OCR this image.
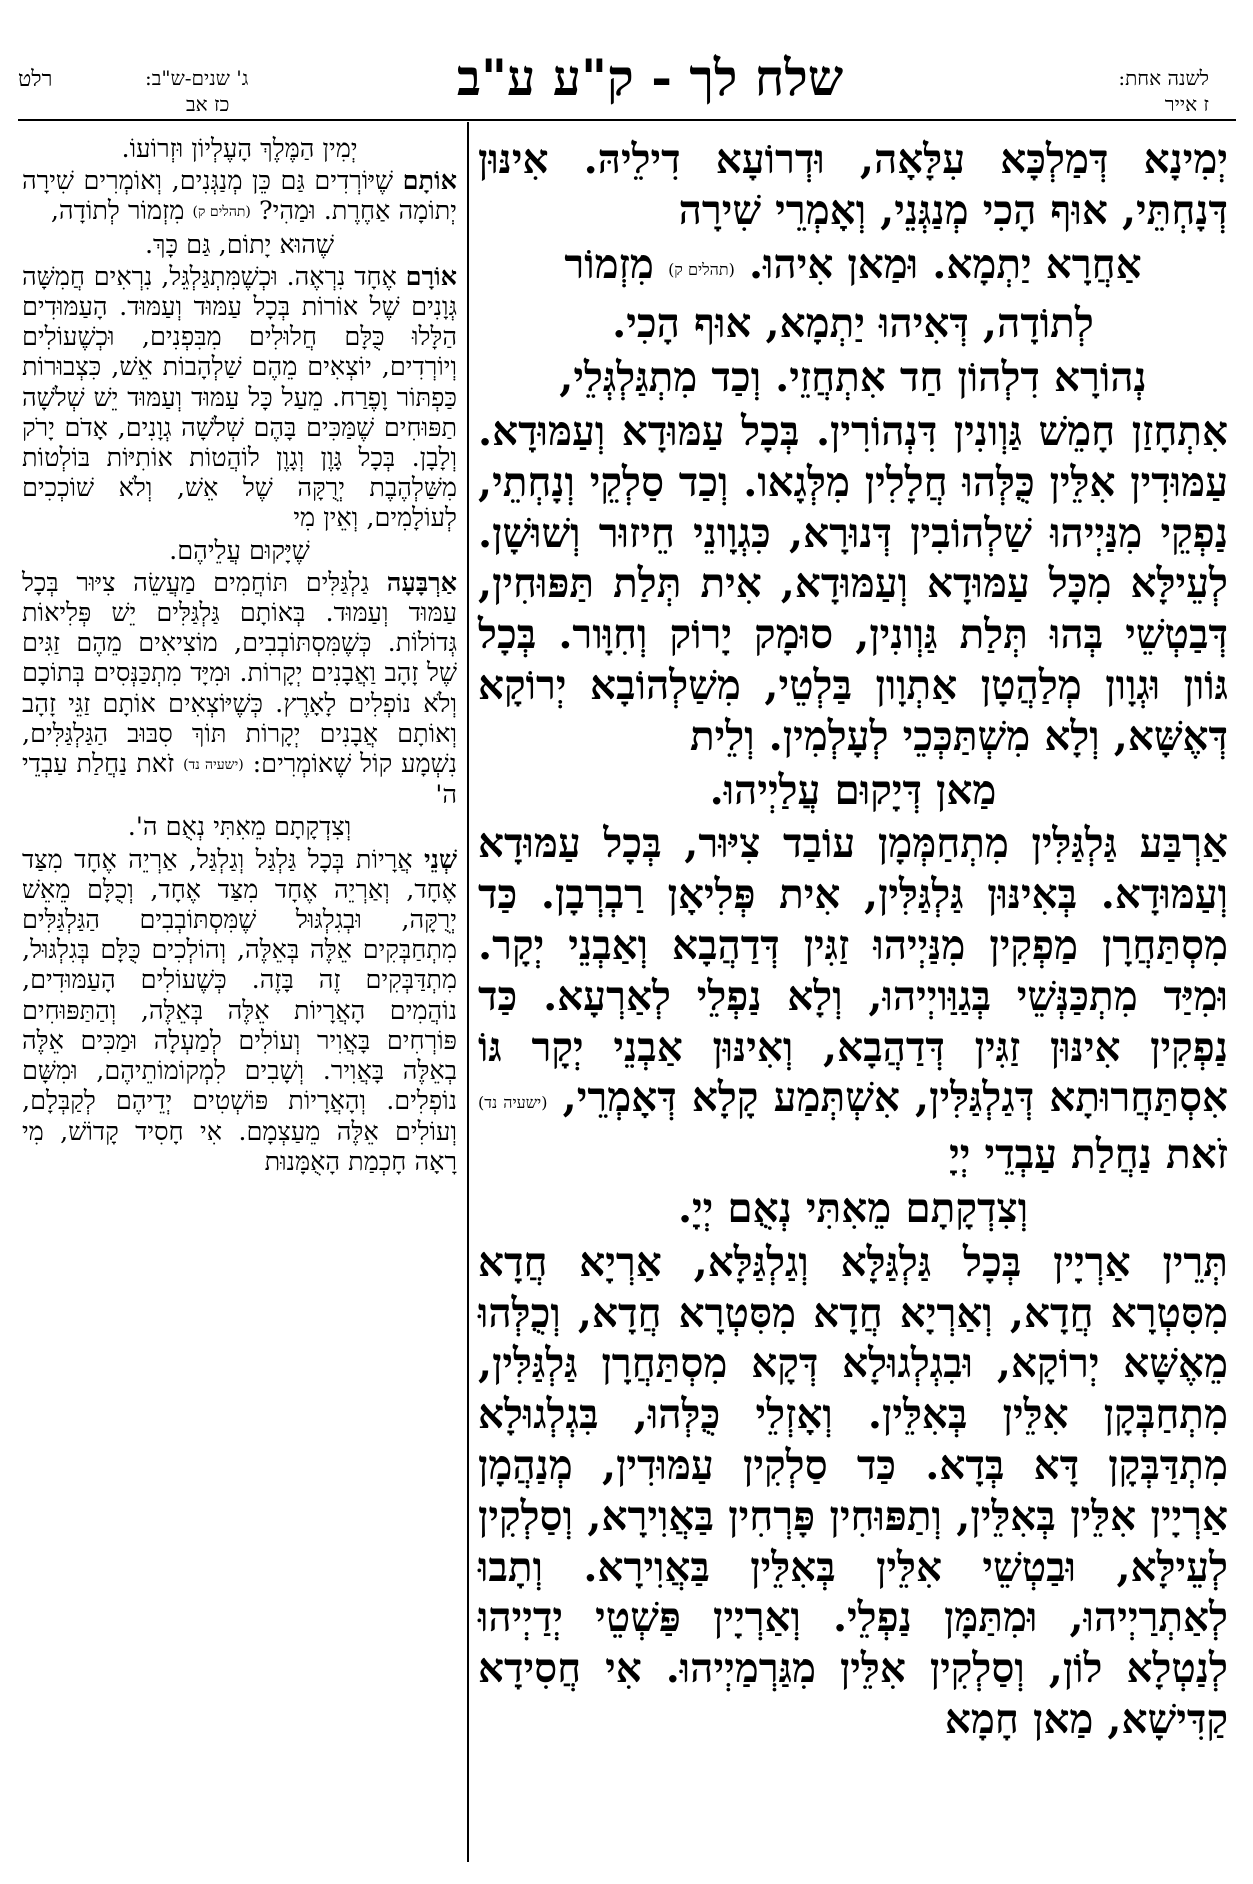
לשנה אחת:
ז אייר
שלח לך - ק"ע ע"ב
ג' שנים-ש"ב:
כז אב
רלט

יְמִינָא דְּמַלְכָּא עִלָּאָה, וּדְרוֹעָא דִילֵיהּ. אִינּוּן דְּנָחְתֵּי, אוּף הָכִי מְנַגְּנֵי, וְאָמְרֵי שִׁירָה

אַחֲרָא יַתְמָא. וּמַאן אִיהוּ. (תהלים ק) מִזְמוֹר

לְתוֹדָה, דְּאִיהוּ יַתְמָא, אוּף הָכִי.

נְהוֹרָא דִלְהוֹן חַד אִתְחֲזֵי. וְכַד מִתְגַּלְגְּלֵי,

אִתְחָזַן חָמֵשׁ גַּוְונִין דִּנְהוֹרִין. בְּכָל עַמּוּדָא וְעַמּוּדָא. עַמּוּדִין אִלֵּין כֻּלְּהוּ חֲלָלִין מִלְּגָאו. וְכַד סַלְקֵי וְנָחְתֵי, נַפְקֵי מִנַּיְיהוּ שַׁלְהוֹבִין דְּנוּרָא, כִּגְוָונֵי חֵיזוּר וְשׁוּשָׁן. לְעֵילָּא מִכָּל עַמּוּדָא וְעַמּוּדָא, אִית תְּלַת תַּפּוּחִין, דְּבַטְשֵׁי בְּהוּ תְּלַת גַּוְונִין, סוּמָק יָרוֹק וְחִוָּור. בְּכָל גּוֹון וּגְוָון מְלַהֲטָן אַתְוָון בַּלְטֵי, מִשַׁלְהוֹבָא יְרוֹקָא דְּאֶשָּׁא, וְלָא מִשְׁתַּכְּכֵי לְעָלְמִין. וְלֵית

מַאן דְּיָקוּם עֲלַיְיהוּ.

אַרְבַּע גַּלְגַּלִּין מִתְחַמְּמָן עוֹבַד צִיּוּר, בְּכָל עַמּוּדָא וְעַמּוּדָא. בְּאִינּוּן גַּלְגַּלִּין, אִית פְּלִיאָן רַבְרְבָן. כַּד מִסְתַּחֲרָן מַפְקִין מִנַּיְיהוּ זַגִּין דְּדַהֲבָא וְאַבְנֵי יְקָר. וּמִיַּד מִתְכַּנְּשֵׁי בְּגַוַּויְיהוּ, וְלָא נַפְלֵי לְאַרְעָא. כַּד נַפְקִין אִינּוּן זַגִּין דְּדַהֲבָא, וְאִינּוּן אַבְנֵי יְקָר גּוֹ אִסְתַּחֲרוּתָא דְּגַלְגַּלִּין, אִשְׁתְּמַע קָלָא דְּאָמְרֵי, (ישעיה נד) זֹאת נַחֲלַת עַבְדֵי יְיָ

וְצִדְקָתָם מֵאִתִּי נְאֻם יְיָ.

תְּרֵין אַרְיָין בְּכָל גַּלְגַּלָּא וְגַלְגַּלָּא, אַרְיָא חֲדָא מִסִּטְרָא חֲדָא, וְאַרְיָא חֲדָא מִסִּטְרָא חֲדָא, וְכֻלְּהוּ מֵאֶשָּׁא יְרוֹקָא, וּבִגְלְגוּלָא דְּקָא מִסְתַּחֲרָן גַּלְגַּלִּין, מִתְחַבְּקָן אִלֵּין בְּאִלֵּין. וְאָזְלֵי כֻּלְּהוּ, בִּגְלְגוּלָא מִתְדַּבְּקָן דָּא בְּדָא. כַּד סַלְקִין עַמּוּדִין, מְנַהֲמָן אַרְיָין אִלֵּין בְּאִלֵּין, וְתַפּוּחִין פָּרְחִין בַּאֲוִירָא, וְסַלְקִין לְעֵילָּא, וּבַטְשֵׁי אִלֵּין בְּאִלֵּין בַּאֲוִירָא. וְתָבוּ לְאַתְרַיְיהוּ, וּמִתַּמָּן נַפְלֵי. וְאַרְיָין פַּשְׁטֵי יְדַיְיהוּ לְנַטְלָא לוֹן, וְסַלְקִין אִלֵּין מִגַּרְמַיְיהוּ. אִי חֲסִידָא קַדִּישָׁא, מַאן חָמָא

יְמִין הַמֶּלֶךְ הָעֶלְיוֹן וּזְרוֹעוֹ.

אוֹתָם שֶׁיּוֹרְדִים גַּם כֵּן מְנַגְּנִים, וְאוֹמְרִים שִׁירָה יְתוֹמָה אַחֶרֶת. וּמַהִי? (תהלים ק) מִזְמוֹר לְתוֹדָה,

שֶׁהוּא יָתוֹם, גַּם כָּךְ.

אוֹרָם אֶחָד נִרְאֶה. וּכְשֶׁמִּתְגַּלְגֵּל, נִרְאִים חֲמִשָּׁה גְּוָנִים שֶׁל אוֹרוֹת בְּכָל עַמּוּד וְעַמּוּד. הָעַמּוּדִים הַלָּלוּ כֻּלָּם חֲלוּלִים מִבִּפְנִים, וּכְשֶׁעוֹלִים וְיוֹרְדִים, יוֹצְאִים מֵהֶם שַׁלְהָבוֹת אֵשׁ, כִּצְבוּרוֹת כַּפְתּוֹר וָפֶרַח. מֵעַל כָּל עַמּוּד וְעַמּוּד יֵשׁ שְׁלֹשָׁה תַפּוּחִים שֶׁמַּכִּים בָּהֶם שְׁלֹשָׁה גְוָנִים, אָדֹם יָרֹק וְלָבָן. בְּכָל גָּוֶן וְגָוֶן לוֹהֲטוֹת אוֹתִיּוֹת בּוֹלְטוֹת מִשַּׁלְהֶבֶת יְרֻקָּה שֶׁל אֵשׁ, וְלֹא שׁוֹכְכִים לְעוֹלָמִים, וְאֵין מִי

שֶׁיָּקוּם עֲלֵיהֶם.

אַרְבָּעָה גַלְגַּלִּים תּוֹחֲמִים מַעֲשֵׂה צִיּוּר בְּכָל עַמּוּד וְעַמּוּד. בְּאוֹתָם גַּלְגַּלִּים יֵשׁ פְּלִיאוֹת גְּדוֹלוֹת. כְּשֶׁמִּסְתּוֹבְבִים, מוֹצִיאִים מֵהֶם זַגִּים שֶׁל זָהָב וַאֲבָנִים יְקָרוֹת. וּמִיָּד מִתְכַּנְּסִים בְּתוֹכָם וְלֹא נוֹפְלִים לָאָרֶץ. כְּשֶׁיּוֹצְאִים אוֹתָם זַגֵּי זָהָב וְאוֹתָם אֲבָנִים יְקָרוֹת תּוֹךְ סִבּוּב הַגַּלְגַּלִּים, נִשְׁמָע קוֹל שֶׁאוֹמְרִים: (ישעיה נד) זֹאת נַחֲלַת עַבְדֵי ה'

וְצִדְקָתָם מֵאִתִּי נְאֻם ה'.

שְׁנֵי אֲרָיוֹת בְּכָל גַּלְגַּל וְגַלְגַּל, אַרְיֵה אֶחָד מִצַּד אֶחָד, וְאַרְיֵה אֶחָד מִצַּד אֶחָד, וְכֻלָּם מֵאֵשׁ יְרֻקָּה, וּבְגִלְגּוּל שֶׁמִּסְתּוֹבְבִים הַגַּלְגַּלִּים מִתְחַבְּקִים אֵלֶּה בְּאֵלֶּה, וְהוֹלְכִים כֻּלָּם בְּגִלְגּוּל, מִתְדַּבְּקִים זֶה בָּזֶה. כְּשֶׁעוֹלִים הָעַמּוּדִים, נוֹהֲמִים הָאֲרָיוֹת אֵלֶּה בְּאֵלֶּה, וְהַתַּפּוּחִים פּוֹרְחִים בָּאֲוִיר וְעוֹלִים לְמַעְלָה וּמַכִּים אֵלֶּה בְאֵלֶּה בָּאֲוִיר. וְשָׁבִים לִמְקוֹמוֹתֵיהֶם, וּמִשָּׁם נוֹפְלִים. וְהָאֲרָיוֹת פּוֹשְׁטִים יְדֵיהֶם לְקַבְּלָם, וְעוֹלִים אֵלֶּה מֵעַצְמָם. אִי חָסִיד קָדוֹשׁ, מִי רָאָה חָכְמַת הָאֻמָּנוּת
